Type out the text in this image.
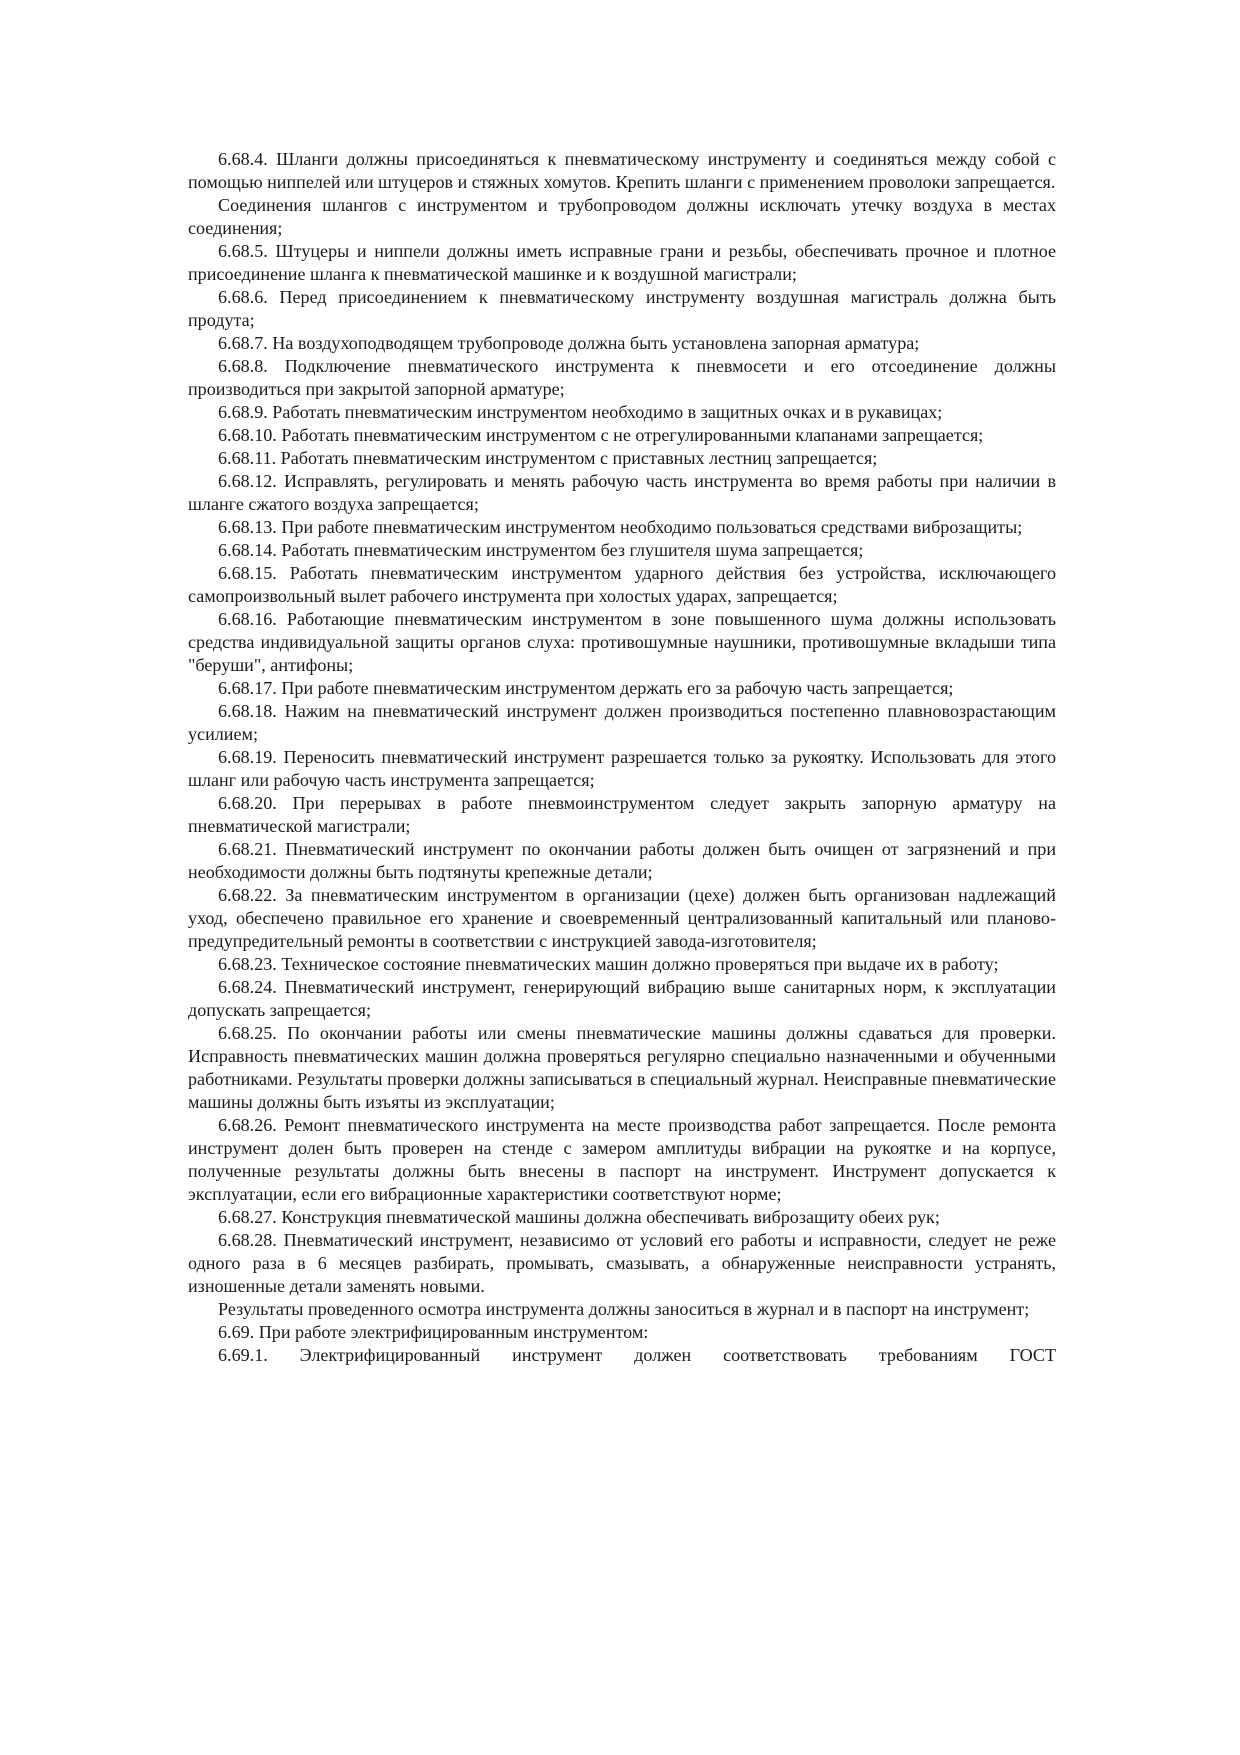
6.68.4. Шланги должны присоединяться к пневматическому инструменту и соединяться между собой с помощью ниппелей или штуцеров и стяжных хомутов. Крепить шланги с применением проволоки запрещается.

Соединения шлангов с инструментом и трубопроводом должны исключать утечку воздуха в местах соединения;

6.68.5. Штуцеры и ниппели должны иметь исправные грани и резьбы, обеспечивать прочное и плотное присоединение шланга к пневматической машинке и к воздушной магистрали;

6.68.6. Перед присоединением к пневматическому инструменту воздушная магистраль должна быть продута;

6.68.7. На воздухоподводящем трубопроводе должна быть установлена запорная арматура;

6.68.8. Подключение пневматического инструмента к пневмосети и его отсоединение должны производиться при закрытой запорной арматуре;

6.68.9. Работать пневматическим инструментом необходимо в защитных очках и в рукавицах;

6.68.10. Работать пневматическим инструментом с не отрегулированными клапанами запрещается;

6.68.11. Работать пневматическим инструментом с приставных лестниц запрещается;

6.68.12. Исправлять, регулировать и менять рабочую часть инструмента во время работы при наличии в шланге сжатого воздуха запрещается;

6.68.13. При работе пневматическим инструментом необходимо пользоваться средствами виброзащиты;

6.68.14. Работать пневматическим инструментом без глушителя шума запрещается;

6.68.15. Работать пневматическим инструментом ударного действия без устройства, исключающего самопроизвольный вылет рабочего инструмента при холостых ударах, запрещается;

6.68.16. Работающие пневматическим инструментом в зоне повышенного шума должны использовать средства индивидуальной защиты органов слуха: противошумные наушники, противошумные вкладыши типа "беруши", антифоны;

6.68.17. При работе пневматическим инструментом держать его за рабочую часть запрещается;

6.68.18. Нажим на пневматический инструмент должен производиться постепенно плавновозрастающим усилием;

6.68.19. Переносить пневматический инструмент разрешается только за рукоятку. Использовать для этого шланг или рабочую часть инструмента запрещается;

6.68.20. При перерывах в работе пневмоинструментом следует закрыть запорную арматуру на пневматической магистрали;

6.68.21. Пневматический инструмент по окончании работы должен быть очищен от загрязнений и при необходимости должны быть подтянуты крепежные детали;

6.68.22. За пневматическим инструментом в организации (цехе) должен быть организован надлежащий уход, обеспечено правильное его хранение и своевременный централизованный капитальный или планово-предупредительный ремонты в соответствии с инструкцией завода-изготовителя;

6.68.23. Техническое состояние пневматических машин должно проверяться при выдаче их в работу;

6.68.24. Пневматический инструмент, генерирующий вибрацию выше санитарных норм, к эксплуатации допускать запрещается;

6.68.25. По окончании работы или смены пневматические машины должны сдаваться для проверки. Исправность пневматических машин должна проверяться регулярно специально назначенными и обученными работниками. Результаты проверки должны записываться в специальный журнал. Неисправные пневматические машины должны быть изъяты из эксплуатации;

6.68.26. Ремонт пневматического инструмента на месте производства работ запрещается. После ремонта инструмент долен быть проверен на стенде с замером амплитуды вибрации на рукоятке и на корпусе, полученные результаты должны быть внесены в паспорт на инструмент. Инструмент допускается к эксплуатации, если его вибрационные характеристики соответствуют норме;

6.68.27. Конструкция пневматической машины должна обеспечивать виброзащиту обеих рук;

6.68.28. Пневматический инструмент, независимо от условий его работы и исправности, следует не реже одного раза в 6 месяцев разбирать, промывать, смазывать, а обнаруженные неисправности устранять, изношенные детали заменять новыми.

Результаты проведенного осмотра инструмента должны заноситься в журнал и в паспорт на инструмент;

6.69. При работе электрифицированным инструментом:

6.69.1. Электрифицированный инструмент должен соответствовать требованиям ГОСТ
